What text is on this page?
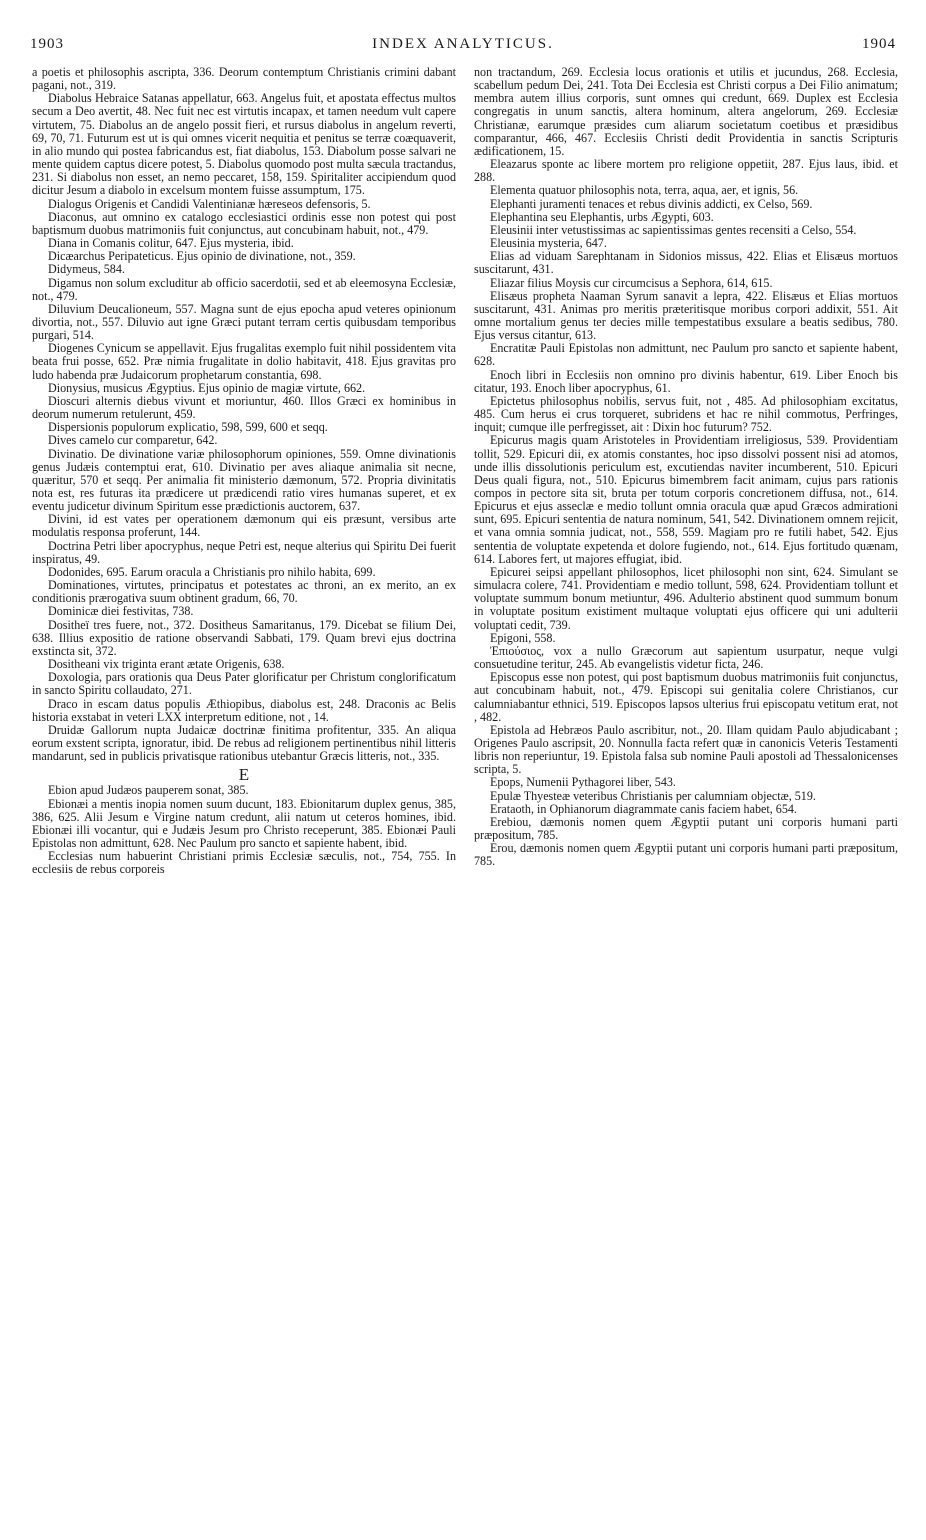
1903	INDEX ANALYTICUS.	1904

a poetis et philosophis ascripta, 336. Deorum contemptum Christianis crimini dabant pagani, not., 319.

Diabolus Hebraice Satanas appellatur, 663. Angelus fuit, et apostata effectus multos secum a Deo avertit, 48. Nec fuit nec est virtutis incapax, et tamen needum vult capere virtutem, 75. Diabolus an de angelo possit fieri, et rursus diabolus in angelum reverti, 69, 70, 71. Futurum est ut is qui omnes vicerit nequitia et penitus se terræ coæquaverit, in alio mundo qui postea fabricandus est, fiat diabolus, 153. Diabolum posse salvari ne mente quidem captus dicere potest, 5. Diabolus quomodo post multa sæcula tractandus, 231. Si diabolus non esset, an nemo peccaret, 158, 159. Spiritaliter accipiendum quod dicitur Jesum a diabolo in excelsum montem fuisse assumptum, 175.

Dialogus Origenis et Candidi Valentinianæ hæreseos defensoris, 5.

Diaconus, aut omnino ex catalogo ecclesiastici ordinis esse non potest qui post baptismum duobus matrimoniis fuit conjunctus, aut concubinam habuit, not., 479.

Diana in Comanis colitur, 647. Ejus mysteria, ibid.

Dicæarchus Peripateticus. Ejus opinio de divinatione, not., 359.

Didymeus, 584.

Digamus non solum excluditur ab officio sacerdotii, sed et ab eleemosyna Ecclesiæ, not., 479.

Diluvium Deucalioneum, 557. Magna sunt de ejus epocha apud veteres opinionum divortia, not., 557. Diluvio aut igne Græci putant terram certis quibusdam temporibus purgari, 514.

Diogenes Cynicum se appellavit. Ejus frugalitas exemplo fuit nihil possidentem vita beata frui posse, 652. Præ nimia frugalitate in dolio habitavit, 418. Ejus gravitas pro ludo habenda præ Judaicorum prophetarum constantia, 698.

Dionysius, musicus Ægyptius. Ejus opinio de magiæ virtute, 662.

Dioscuri alternis diebus vivunt et moriuntur, 460. Illos Græci ex hominibus in deorum numerum retulerunt, 459.

Dispersionis populorum explicatio, 598, 599, 600 et seqq.

Dives camelo cur comparetur, 642.

Divinatio. De divinatione variæ philosophorum opiniones, 559. Omne divinationis genus Judæis contemptui erat, 610. Divinatio per aves aliaque animalia sit necne, quæritur, 570 et seqq. Per animalia fit ministerio dæmonum, 572. Propria divinitatis nota est, res futuras ita prædicere ut prædicendi ratio vires humanas superet, et ex eventu judicetur divinum Spiritum esse prædictionis auctorem, 637.

Divini, id est vates per operationem dæmonum qui eis præsunt, versibus arte modulatis responsa proferunt, 144.

Doctrina Petri liber apocryphus, neque Petri est, neque alterius qui Spiritu Dei fuerit inspiratus, 49.

Dodonides, 695. Earum oracula a Christianis pro nihilo habita, 699.

Dominationes, virtutes, principatus et potestates ac throni, an ex merito, an ex conditionis prærogativa suum obtinent gradum, 66, 70.

Dominicæ diei festivitas, 738.

Dositheï tres fuere, not., 372. Dositheus Samaritanus, 179. Dicebat se filium Dei, 638. Illius expositio de ratione observandi Sabbati, 179. Quam brevi ejus doctrina exstincta sit, 372.

Dositheani vix triginta erant ætate Origenis, 638.

Doxologia, pars orationis qua Deus Pater glorificatur per Christum conglorificatum in sancto Spiritu collaudato, 271.

Draco in escam datus populis Æthiopibus, diabolus est, 248. Draconis ac Belis historia exstabat in veteri LXX interpretum editione, not , 14.

Druidæ Gallorum nupta Judaicæ doctrinæ finitima profitentur, 335. An aliqua eorum exstent scripta, ignoratur, ibid. De rebus ad religionem pertinentibus nihil litteris mandarunt, sed in publicis privatisque rationibus utebantur Græcis litteris, not., 335.

E

Ebion apud Judæos pauperem sonat, 385.

Ebionæi a mentis inopia nomen suum ducunt, 183. Ebionitarum duplex genus, 385, 386, 625. Alii Jesum e Virgine natum credunt, alii natum ut ceteros homines, ibid. Ebionæi illi vocantur, qui e Judæis Jesum pro Christo receperunt, 385. Ebionæi Pauli Epistolas non admittunt, 628. Nec Paulum pro sancto et sapiente habent, ibid.

Ecclesias num habuerint Christiani primis Ecclesiæ sæculis, not., 754, 755. In ecclesiis de rebus corporeis

non tractandum, 269. Ecclesia locus orationis et utilis et jucundus, 268. Ecclesia, scabellum pedum Dei, 241. Tota Dei Ecclesia est Christi corpus a Dei Filio animatum; membra autem illius corporis, sunt omnes qui credunt, 669. Duplex est Ecclesia congregatis in unum sanctis, altera hominum, altera angelorum, 269. Ecclesiæ Christianæ, earumque præsides cum aliarum societatum coetibus et præsidibus comparantur, 466, 467. Ecclesiis Christi dedit Providentia in sanctis Scripturis ædificationem, 15.

Eleazarus sponte ac libere mortem pro religione oppetiit, 287. Ejus laus, ibid. et 288.

Elementa quatuor philosophis nota, terra, aqua, aer, et ignis, 56.

Elephanti juramenti tenaces et rebus divinis addicti, ex Celso, 569.

Elephantina seu Elephantis, urbs Ægypti, 603.

Eleusinii inter vetustissimas ac sapientissimas gentes recensiti a Celso, 554.

Eleusinia mysteria, 647.

Elias ad viduam Sarephtanam in Sidonios missus, 422. Elias et Elisæus mortuos suscitarunt, 431.

Eliazar filius Moysis cur circumcisus a Sephora, 614, 615.

Elisæus propheta Naaman Syrum sanavit a lepra, 422. Elisæus et Elias mortuos suscitarunt, 431. Animas pro meritis præteritisque moribus corpori addixit, 551. Ait omne mortalium genus ter decies mille tempestatibus exsulare a beatis sedibus, 780. Ejus versus citantur, 613.

Encratitæ Pauli Epistolas non admittunt, nec Paulum pro sancto et sapiente habent, 628.

Enoch libri in Ecclesiis non omnino pro divinis habentur, 619. Liber Enoch bis citatur, 193. Enoch liber apocryphus, 61.

Epictetus philosophus nobilis, servus fuit, not , 485. Ad philosophiam excitatus, 485. Cum herus ei crus torqueret, subridens et hac re nihil commotus, Perfringes, inquit; cumque ille perfregisset, ait : Dixin hoc futurum? 752.

Epicurus magis quam Aristoteles in Providentiam irreligiosus, 539. Providentiam tollit, 529. Epicuri dii, ex atomis constantes, hoc ipso dissolvi possent nisi ad atomos, unde illis dissolutionis periculum est, excutiendas naviter incumberent, 510. Epicuri Deus quali figura, not., 510. Epicurus bimembrem facit animam, cujus pars rationis compos in pectore sita sit, bruta per totum corporis concretionem diffusa, not., 614. Epicurus et ejus asseclæ e medio tollunt omnia oracula quæ apud Græcos admirationi sunt, 695. Epicuri sententia de natura nominum, 541, 542. Divinationem omnem rejicit, et vana omnia somnia judicat, not., 558, 559. Magiam pro re futili habet, 542. Ejus sententia de voluptate expetenda et dolore fugiendo, not., 614. Ejus fortitudo quænam, 614. Labores fert, ut majores effugiat, ibid.

Epicurei seipsi appellant philosophos, licet philosophi non sint, 624. Simulant se simulacra colere, 741. Providentiam e medio tollunt, 598, 624. Providentiam tollunt et voluptate summum bonum metiuntur, 496. Adulterio abstinent quod summum bonum in voluptate positum existiment multaque voluptati ejus officere qui uni adulterii voluptati cedit, 739.

Epigoni, 558.

Ἐπιούσιος, vox a nullo Græcorum aut sapientum usurpatur, neque vulgi consuetudine teritur, 245. Ab evangelistis videtur ficta, 246.

Episcopus esse non potest, qui post baptismum duobus matrimoniis fuit conjunctus, aut concubinam habuit, not., 479. Episcopi sui genitalia colere Christianos, cur calumniabantur ethnici, 519. Episcopos lapsos ulterius frui episcopatu vetitum erat, not , 482.

Epistola ad Hebræos Paulo ascribitur, not., 20. Illam quidam Paulo abjudicabant ; Origenes Paulo ascripsit, 20. Nonnulla facta refert quæ in canonicis Veteris Testamenti libris non reperiuntur, 19. Epistola falsa sub nomine Pauli apostoli ad Thessalonicenses scripta, 5.

Epops, Numenii Pythagorei liber, 543.

Epulæ Thyesteæ veteribus Christianis per calumniam objectæ, 519.

Erataoth, in Ophianorum diagrammate canis faciem habet, 654.

Erebiou, dæmonis nomen quem Ægyptii putant uni corporis humani parti præpositum, 785.

Erou, dæmonis nomen quem Ægyptii putant uni corporis humani parti præpositum, 785.
